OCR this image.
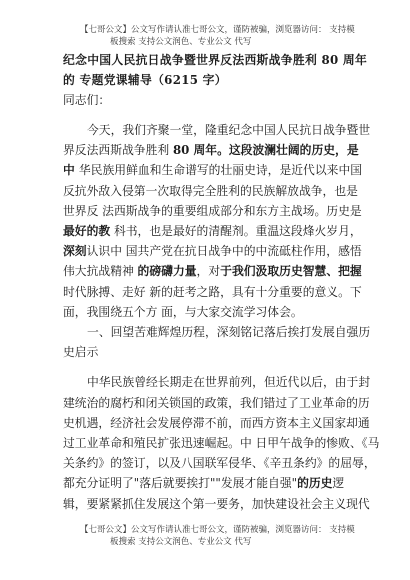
【七哥公文】公文写作请认准七哥公文，谨防被骗，浏览器访问： 支持模
板搜索 支持公文润色、专业公文 代写
纪念中国人民抗日战争暨世界反法西斯战争胜利 80 周年
的 专题党课辅导（6215 字）
同志们：
今天，我们齐聚一堂，隆重纪念中国人民抗日战争暨世
界反法西斯战争胜利 80 周年。这段波澜壮阔的历史，是
中 华民族用鲜血和生命谱写的壮丽史诗，是近代以来中国
反抗外敌入侵第一次取得完全胜利的民族解放战争，也是
世界反 法西斯战争的重要组成部分和东方主战场。历史是
最好的教 科书，也是最好的清醒剂。重温这段烽火岁月，
深刻认识中 国共产党在抗日战争中的中流砥柱作用，感悟
伟大抗战精神 的磅礴力量，对于我们汲取历史智慧、把握
时代脉搏、走好 新的赶考之路，具有十分重要的意义。下
面，我围绕五个方 面，与大家交流学习体会。
一、回望苦难辉煌历程，深刻铭记落后挨打发展自强历
史启示
中华民族曾经长期走在世界前列，但近代以后，由于封
建统治的腐朽和闭关锁国的政策，我们错过了工业革命的历
史机遇，经济社会发展停滞不前，而西方资本主义国家却通
过工业革命和殖民扩张迅速崛起。中 日甲午战争的惨败、《马
关条约》的签订，以及八国联军侵华、《辛丑条约》的屈辱，
都充分证明了"落后就要挨打""发展才能自强"的历史逻
辑，要紧紧抓住发展这个第一要务，加快建设社会主义现代
【七哥公文】公文写作请认准七哥公文，谨防被骗，浏览器访问： 支持模
板搜索 支持公文润色、专业公文 代写
